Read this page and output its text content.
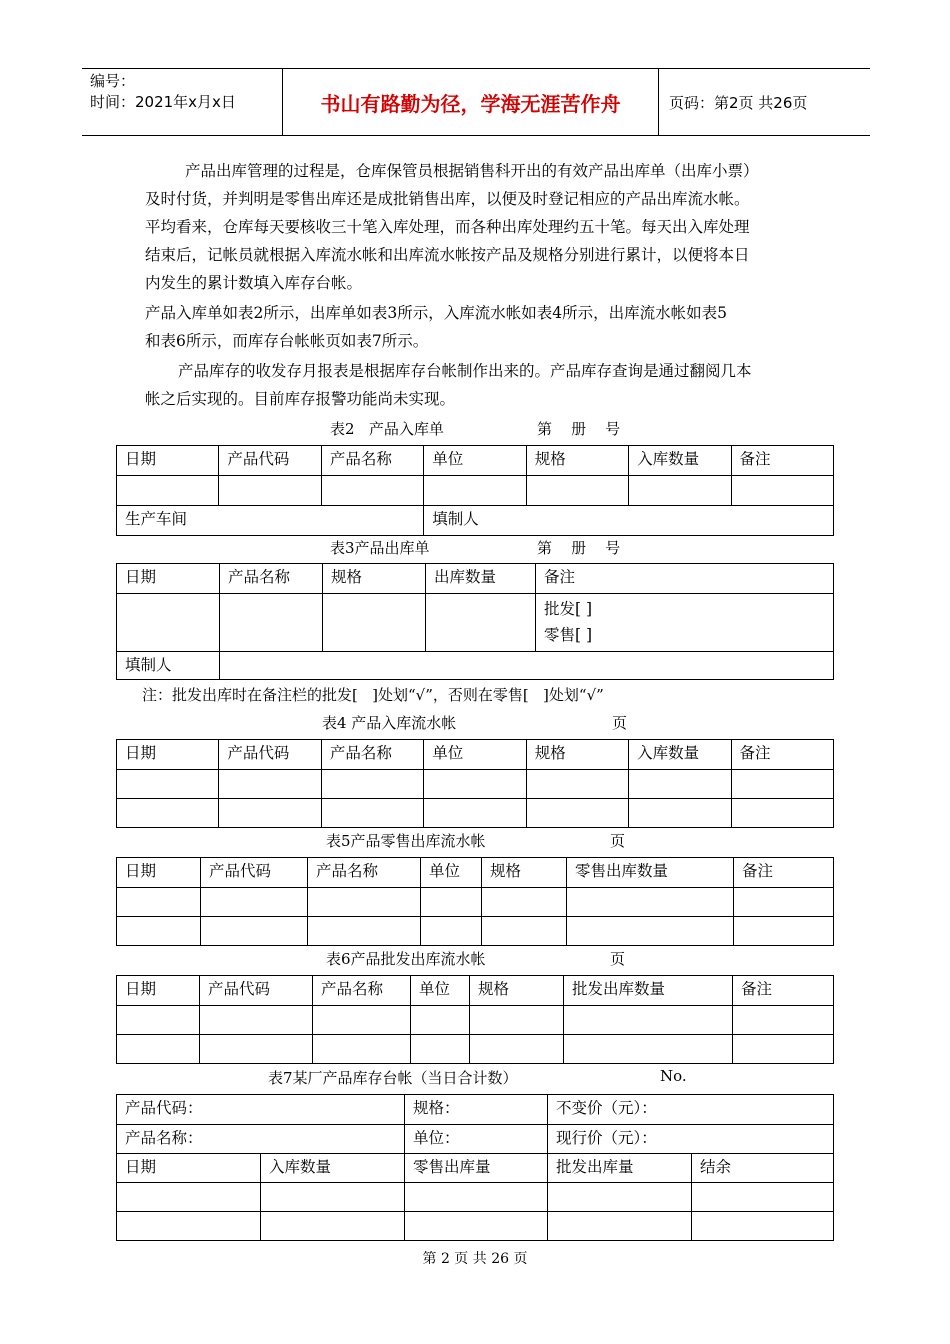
编号：
时间：2021年x月x日	书山有路勤为径，学海无涯苦作舟	页码：第2页 共26页

产品出库管理的过程是，仓库保管员根据销售科开出的有效产品出库单（出库小票）

及时付货，并判明是零售出库还是成批销售出库，以便及时登记相应的产品出库流水帐。

平均看来，仓库每天要核收三十笔入库处理，而各种出库处理约五十笔。每天出入库处理

结束后，记帐员就根据入库流水帐和出库流水帐按产品及规格分别进行累计，以便将本日

内发生的累计数填入库存台帐。

产品入库单如表2所示，出库单如表3所示，入库流水帐如表4所示，出库流水帐如表5

和表6所示，而库存台帐帐页如表7所示。

产品库存的收发存月报表是根据库存台帐制作出来的。产品库存查询是通过翻阅几本

帐之后实现的。目前库存报警功能尚未实现。

表2   产品入库单	第    册    号
日期	产品代码	产品名称	单位	规格	入库数量	备注

生产车间			填制人			
表3产品出库单	第    册    号
日期	产品名称	规格	出库数量	备注

				批发[ ]
零售[ ]

填制人				
注：批发出库时在备注栏的批发[   ]处划“√”，否则在零售[   ]处划“√”
表4 产品入库流水帐	页
日期	产品代码	产品名称	单位	规格	入库数量	备注

表5产品零售出库流水帐	页
日期	产品代码	产品名称	单位	规格	零售出库数量	备注

表6产品批发出库流水帐	页
日期	产品代码	产品名称	单位	规格	批发出库数量	备注

表7某厂产品库存台帐（当日合计数）	No.
产品代码：		规格：	不变价（元）：	
产品名称：		单位：	现行价（元）：	
日期	入库数量	零售出库量	批发出库量	结余

第 2 页 共 26 页
